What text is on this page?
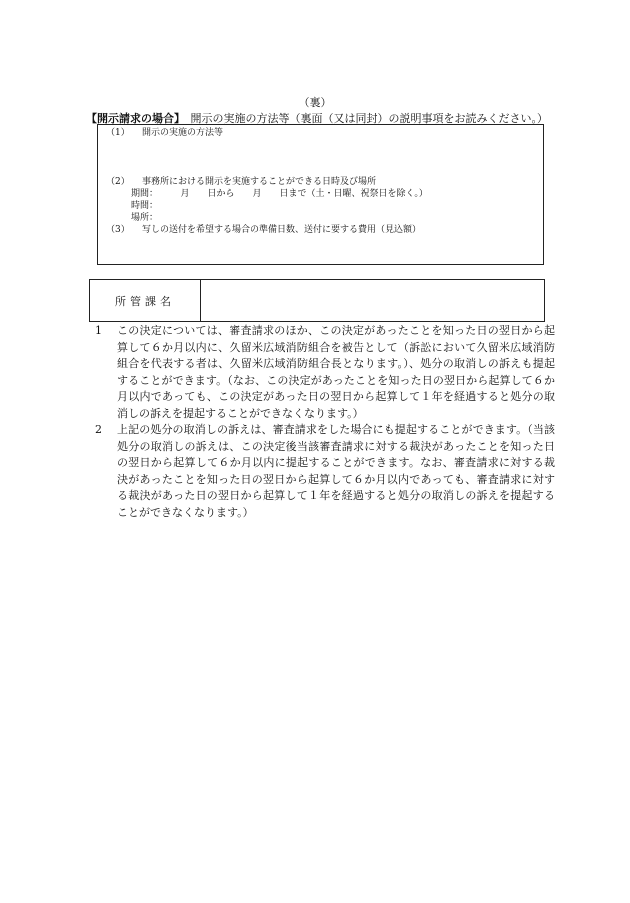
（裏）
【開示請求の場合】 開示の実施の方法等（裏面（又は同封）の説明事項をお読みください。）
（1） 開示の実施の方法等
（2） 事務所における開示を実施することができる日時及び場所
期間：　　　月　　日から　　月　　日まで（土・日曜、祝祭日を除く。）
時間：
場所：
（3） 写しの送付を希望する場合の準備日数、送付に要する費用（見込額）
所管課名
1	この決定については、審査請求のほか、この決定があったことを知った日の翌日から起算して６か月以内に、久留米広域消防組合を被告として（訴訟において久留米広域消防組合を代表する者は、久留米広域消防組合長となります。）、処分の取消しの訴えも提起することができます。（なお、この決定があったことを知った日の翌日から起算して６か月以内であっても、この決定があった日の翌日から起算して１年を経過すると処分の取消しの訴えを提起することができなくなります。）
2	上記の処分の取消しの訴えは、審査請求をした場合にも提起することができます。（当該処分の取消しの訴えは、この決定後当該審査請求に対する裁決があったことを知った日の翌日から起算して６か月以内に提起することができます。なお、審査請求に対する裁決があったことを知った日の翌日から起算して６か月以内であっても、審査請求に対する裁決があった日の翌日から起算して１年を経過すると処分の取消しの訴えを提起することができなくなります。）
